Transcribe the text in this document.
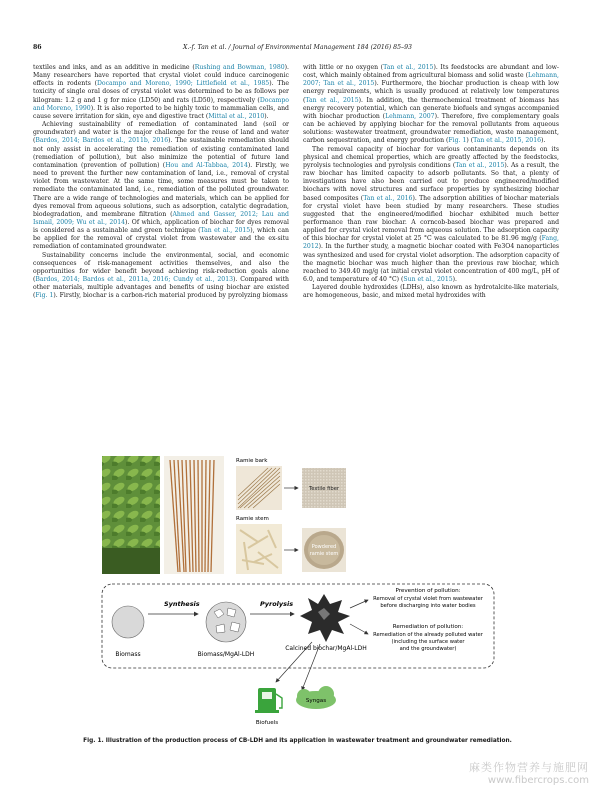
86	X.-f. Tan et al. / Journal of Environmental Management 184 (2016) 85–93

textiles and inks, and as an additive in medicine (Rushing and Bowman, 1980). Many researchers have reported that crystal violet could induce carcinogenic effects in rodents (Docampo and Moreno, 1990; Littlefield et al., 1985). The toxicity of single oral doses of crystal violet was determined to be as follows per kilogram: 1.2 g and 1 g for mice (LD50) and rats (LD50), respectively (Docampo and Moreno, 1990). It is also reported to be highly toxic to mammalian cells, and cause severe irritation for skin, eye and digestive tract (Mittal et al., 2010).

Achieving sustainability of remediation of contaminated land (soil or groundwater) and water is the major challenge for the reuse of land and water (Bardos, 2014; Bardos et al., 2011b, 2016). The sustainable remediation should not only assist in accelerating the remediation of existing contaminated land (remediation of pollution), but also minimize the potential of future land contamination (prevention of pollution) (Hou and Al-Tabbaa, 2014). Firstly, we need to prevent the further new contamination of land, i.e., removal of crystal violet from wastewater. At the same time, some measures must be taken to remediate the contaminated land, i.e., remediation of the polluted groundwater. There are a wide range of technologies and materials, which can be applied for dyes removal from aqueous solutions, such as adsorption, catalytic degradation, biodegradation, and membrane filtration (Ahmed and Gasser, 2012; Lau and Ismail, 2009; Wu et al., 2014). Of which, application of biochar for dyes removal is considered as a sustainable and green technique (Tan et al., 2015), which can be applied for the removal of crystal violet from wastewater and the ex-situ remediation of contaminated groundwater.

Sustainability concerns include the environmental, social, and economic consequences of risk-management activities themselves, and also the opportunities for wider benefit beyond achieving risk-reduction goals alone (Bardos, 2014; Bardos et al., 2011a, 2016; Cundy et al., 2013). Compared with other materials, multiple advantages and benefits of using biochar are existed (Fig. 1). Firstly, biochar is a carbon-rich material produced by pyrolyzing biomass

with little or no oxygen (Tan et al., 2015). Its feedstocks are abundant and low-cost, which mainly obtained from agricultural biomass and solid waste (Lehmann, 2007; Tan et al., 2015). Furthermore, the biochar production is cheap with low energy requirements, which is usually produced at relatively low temperatures (Tan et al., 2015). In addition, the thermochemical treatment of biomass has energy recovery potential, which can generate biofuels and syngas accompanied with biochar production (Lehmann, 2007). Therefore, five complementary goals can be achieved by applying biochar for the removal pollutants from aqueous solutions: wastewater treatment, groundwater remediation, waste management, carbon sequestration, and energy production (Fig. 1) (Tan et al., 2015, 2016).

The removal capacity of biochar for various contaminants depends on its physical and chemical properties, which are greatly affected by the feedstocks, pyrolysis technologies and pyrolysis conditions (Tan et al., 2015). As a result, the raw biochar has limited capacity to adsorb pollutants. So that, a plenty of investigations have also been carried out to produce engineered/modified biochars with novel structures and surface properties by synthesizing biochar based composites (Tan et al., 2016). The adsorption abilities of biochar materials for crystal violet have been studied by many researchers. These studies suggested that the engineered/modified biochar exhibited much better performance than raw biochar. A corncob-based biochar was prepared and applied for crystal violet removal from aqueous solution. The adsorption capacity of this biochar for crystal violet at 25 °C was calculated to be 81.96 mg/g (Fang, 2012). In the further study, a magnetic biochar coated with Fe3O4 nanoparticles was synthesized and used for crystal violet adsorption. The adsorption capacity of the magnetic biochar was much higher than the previous raw biochar, which reached to 349.40 mg/g (at initial crystal violet concentration of 400 mg/L, pH of 6.0, and temperature of 40 °C) (Sun et al., 2015).

Layered double hydroxides (LDHs), also known as hydrotalcite-like materials, are homogeneous, basic, and mixed metal hydroxides with

Ramie bark
Ramie stem
Textile fiber
Powdered
ramie stem
Biomass
Synthesis
Biomass/MgAl-LDH
Pyrolysis
Calcined biochar/MgAl-LDH
Prevention of pollution:
Removal of crystal violet from wastewater
before discharging into water bodies
Remediation of pollution:
Remediation of the already polluted water
(including the surface water
and the groundwater)
Biofuels
Syngas
Fig. 1. Illustration of the production process of CB-LDH and its application in wastewater treatment and groundwater remediation.
麻类作物营养与施肥网
www.fibercrops.com
